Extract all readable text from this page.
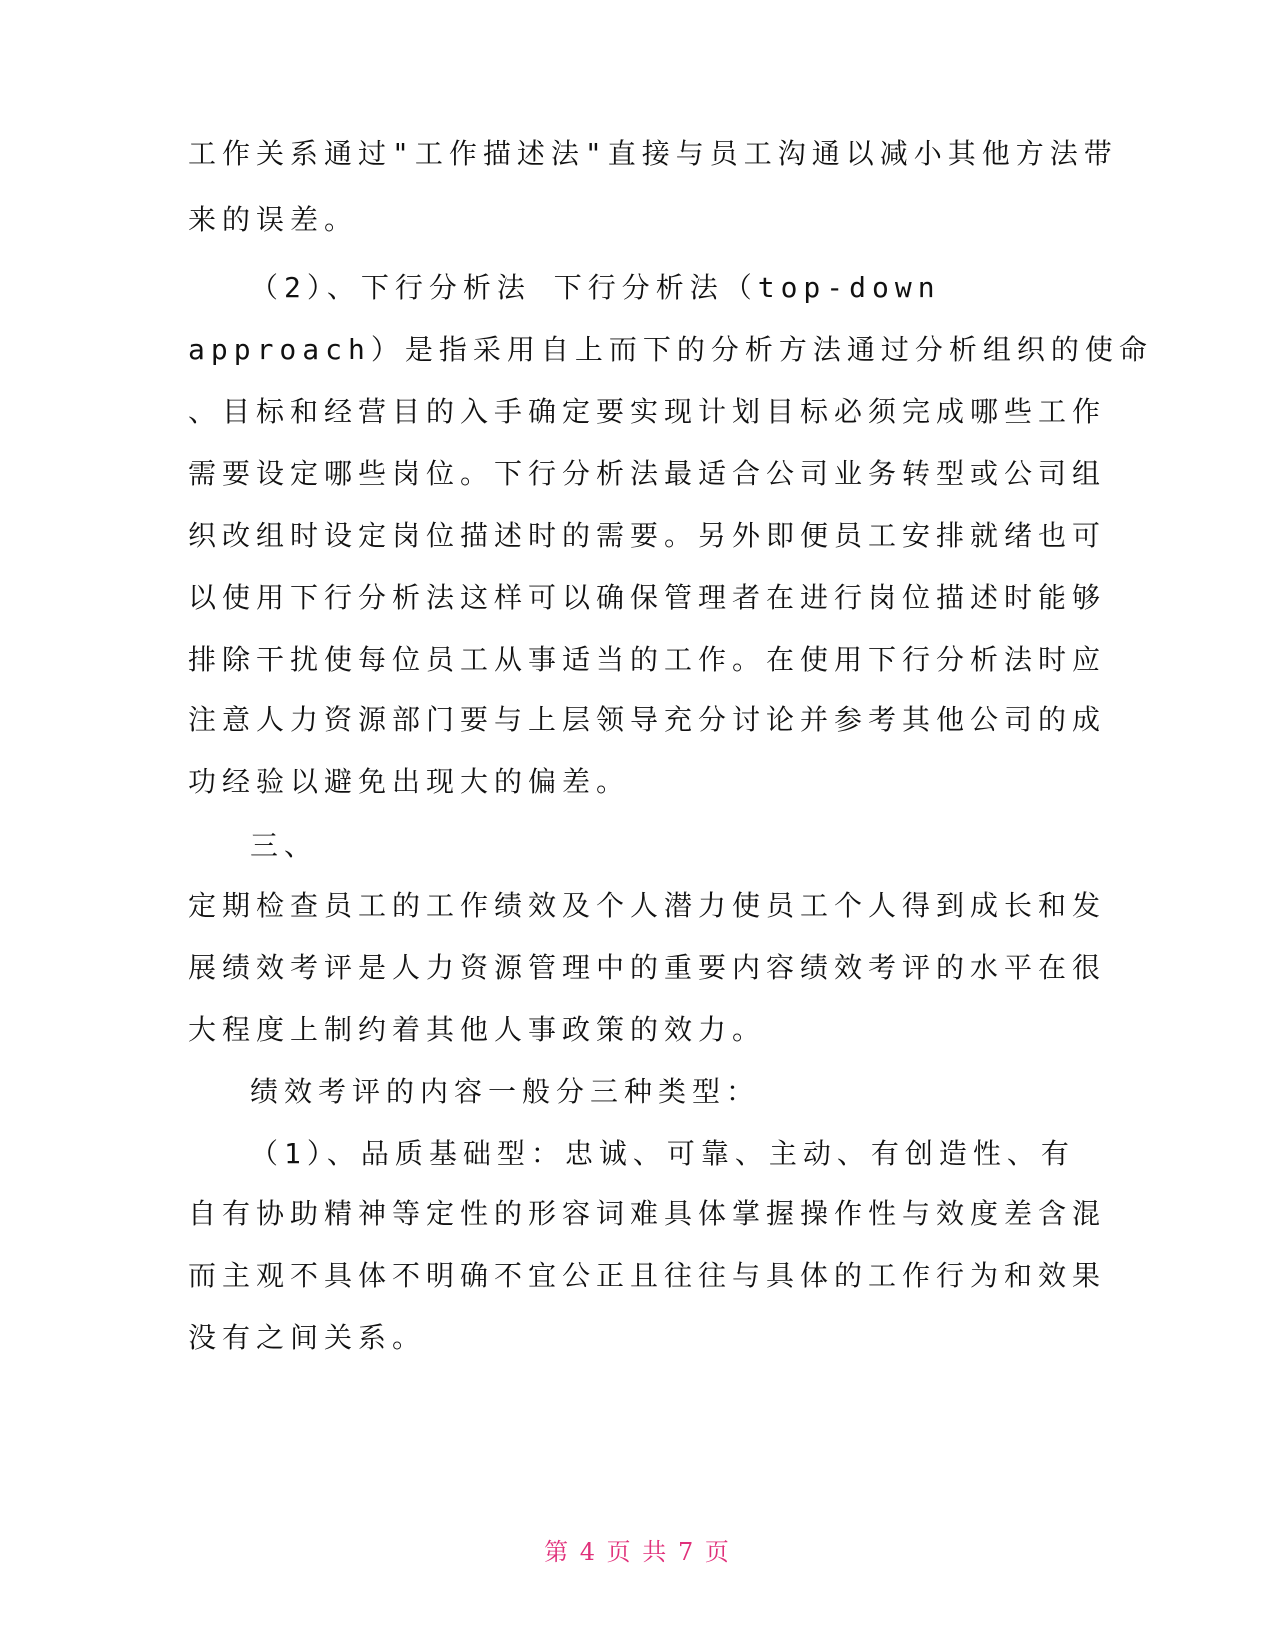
工作关系通过"工作描述法"直接与员工沟通以减小其他方法带
来的误差。
（2）、下行分析法 下行分析法（top-down
approach）是指采用自上而下的分析方法通过分析组织的使命
、目标和经营目的入手确定要实现计划目标必须完成哪些工作
需要设定哪些岗位。下行分析法最适合公司业务转型或公司组
织改组时设定岗位描述时的需要。另外即便员工安排就绪也可
以使用下行分析法这样可以确保管理者在进行岗位描述时能够
排除干扰使每位员工从事适当的工作。在使用下行分析法时应
注意人力资源部门要与上层领导充分讨论并参考其他公司的成
功经验以避免出现大的偏差。
三、
定期检查员工的工作绩效及个人潜力使员工个人得到成长和发
展绩效考评是人力资源管理中的重要内容绩效考评的水平在很
大程度上制约着其他人事政策的效力。
绩效考评的内容一般分三种类型：
（1）、品质基础型：忠诚、可靠、主动、有创造性、有
自有协助精神等定性的形容词难具体掌握操作性与效度差含混
而主观不具体不明确不宜公正且往往与具体的工作行为和效果
没有之间关系。
第 4 页 共 7 页
